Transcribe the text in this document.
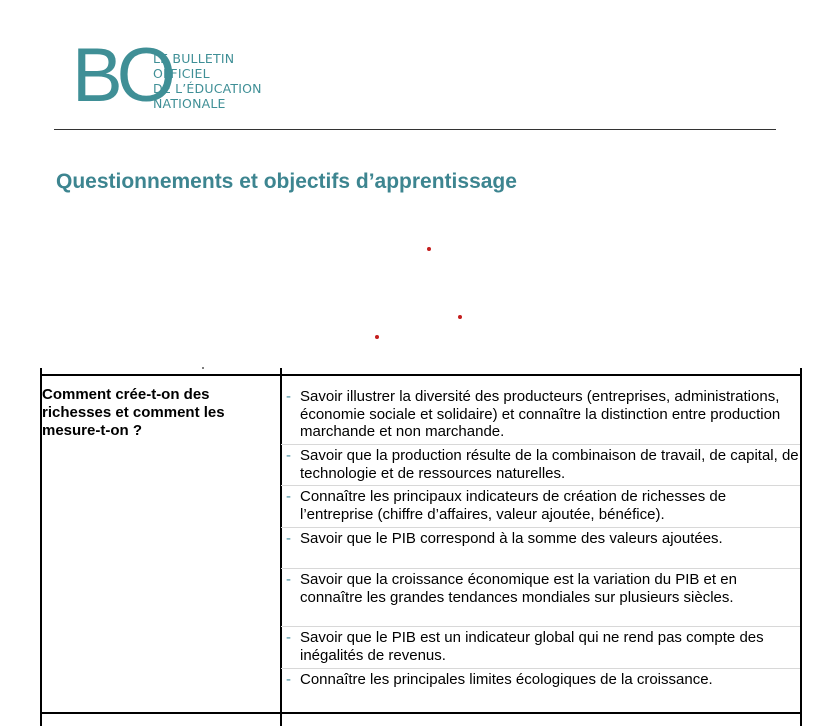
BO
LE BULLETIN
OFFICIEL
DE L’ÉDUCATION
NATIONALE
Questionnements et objectifs d’apprentissage
Comment crée-t-on des richesses et comment les mesure-t-on ?
- Savoir illustrer la diversité des producteurs (entreprises, administrations, économie sociale et solidaire) et connaître la distinction entre production marchande et non marchande.
- Savoir que la production résulte de la combinaison de travail, de capital, de technologie et de ressources naturelles.
- Connaître les principaux indicateurs de création de richesses de l’entreprise (chiffre d’affaires, valeur ajoutée, bénéfice).
- Savoir que le PIB correspond à la somme des valeurs ajoutées.
- Savoir que la croissance économique est la variation du PIB et en connaître les grandes tendances mondiales sur plusieurs siècles.
- Savoir que le PIB est un indicateur global qui ne rend pas compte des inégalités de revenus.
- Connaître les principales limites écologiques de la croissance.
